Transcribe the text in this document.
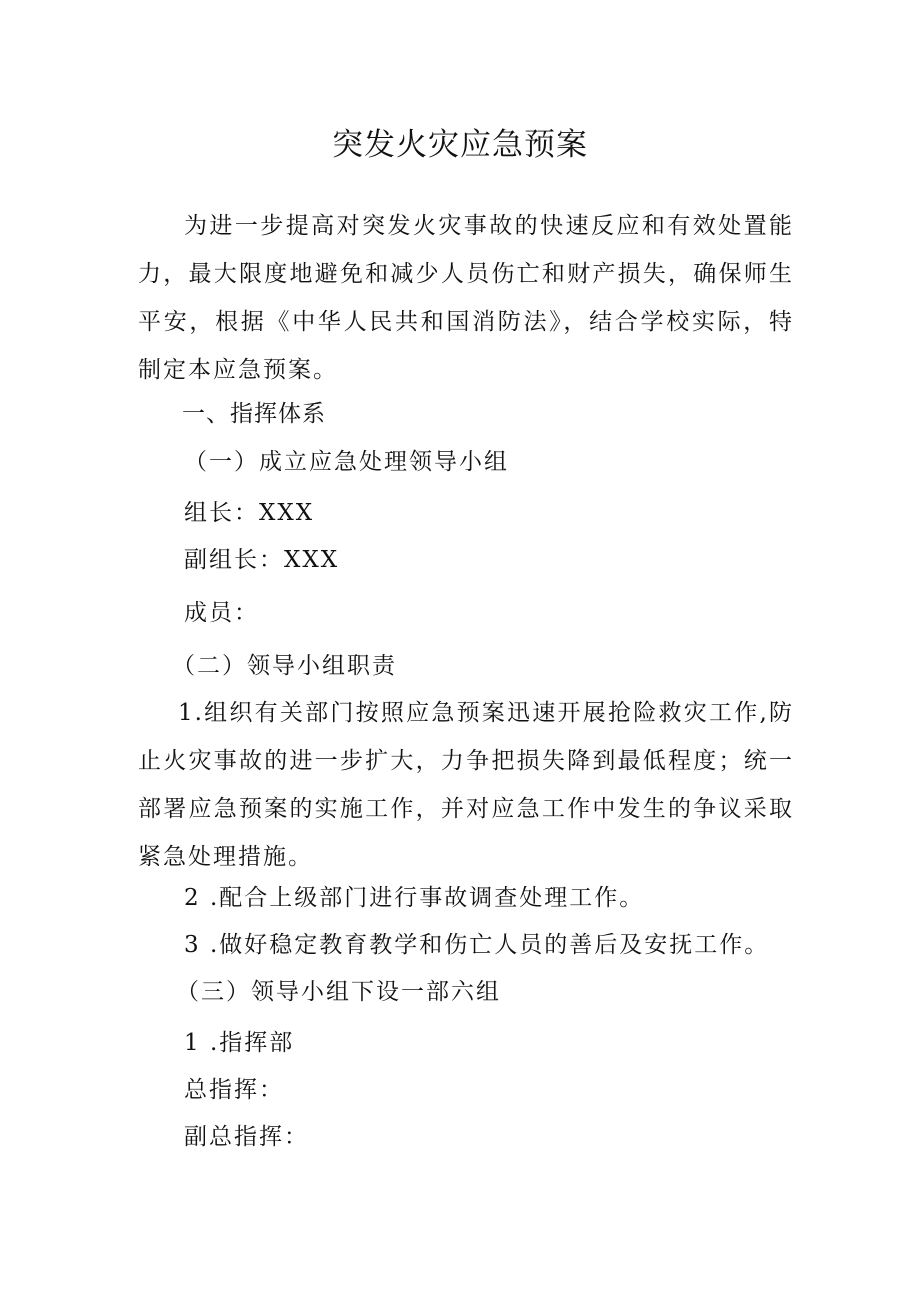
突发火灾应急预案

为进一步提高对突发火灾事故的快速反应和有效处置能力，最大限度地避免和减少人员伤亡和财产损失，确保师生平安，根据《中华人民共和国消防法》，结合学校实际，特制定本应急预案。

一、指挥体系
（一）成立应急处理领导小组
组长：XXX
副组长：XXX
成员：
（二）领导小组职责

1.组织有关部门按照应急预案迅速开展抢险救灾工作,防止火灾事故的进一步扩大，力争把损失降到最低程度；统一部署应急预案的实施工作，并对应急工作中发生的争议采取紧急处理措施。

2 .配合上级部门进行事故调查处理工作。
3 .做好稳定教育教学和伤亡人员的善后及安抚工作。
（三）领导小组下设一部六组
1 .指挥部
总指挥：
副总指挥：
